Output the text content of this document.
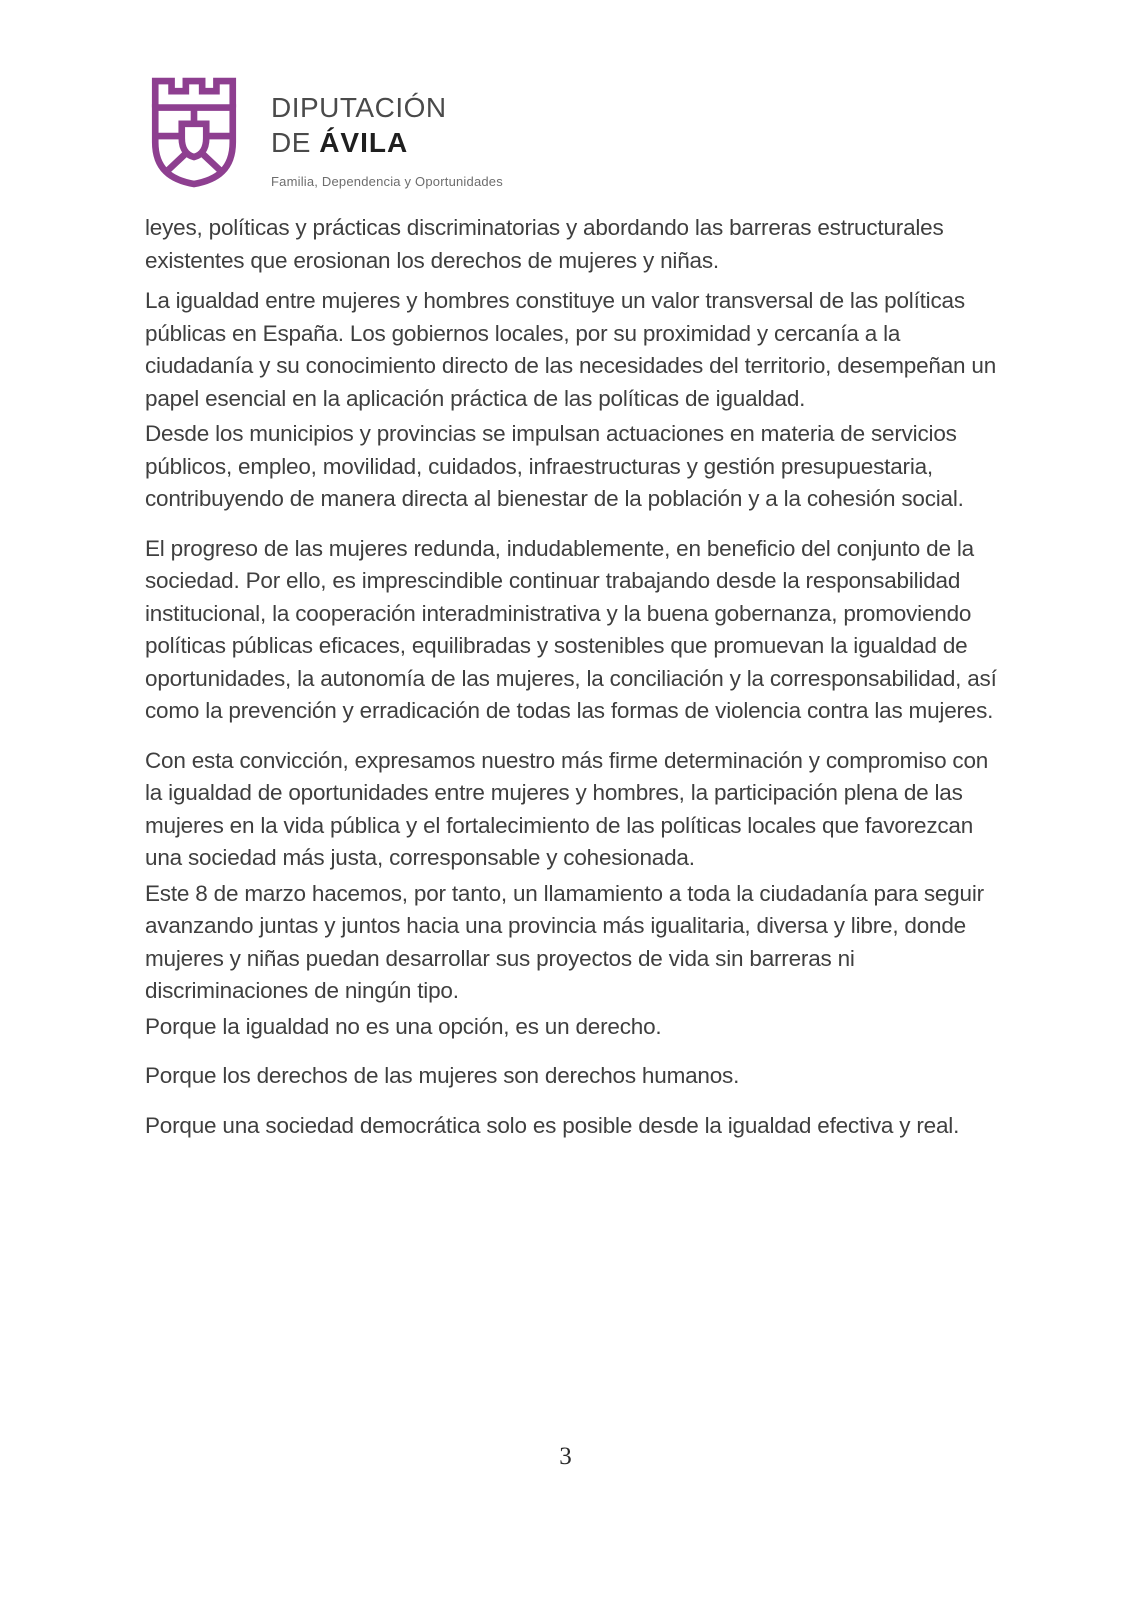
DIPUTACIÓN
DE ÁVILA
Familia, Dependencia y Oportunidades

leyes, políticas y prácticas discriminatorias y abordando las barreras estructurales existentes que erosionan los derechos de mujeres y niñas.

La igualdad entre mujeres y hombres constituye un valor transversal de las políticas públicas en España. Los gobiernos locales, por su proximidad y cercanía a la ciudadanía y su conocimiento directo de las necesidades del territorio, desempeñan un papel esencial en la aplicación práctica de las políticas de igualdad.

Desde los municipios y provincias se impulsan actuaciones en materia de servicios públicos, empleo, movilidad, cuidados, infraestructuras y gestión presupuestaria, contribuyendo de manera directa al bienestar de la población y a la cohesión social.

El progreso de las mujeres redunda, indudablemente, en beneficio del conjunto de la sociedad. Por ello, es imprescindible continuar trabajando desde la responsabilidad institucional, la cooperación interadministrativa y la buena gobernanza, promoviendo políticas públicas eficaces, equilibradas y sostenibles que promuevan la igualdad de oportunidades, la autonomía de las mujeres, la conciliación y la corresponsabilidad, así como la prevención y erradicación de todas las formas de violencia contra las mujeres.

Con esta convicción, expresamos nuestro más firme determinación y compromiso con la igualdad de oportunidades entre mujeres y hombres, la participación plena de las mujeres en la vida pública y el fortalecimiento de las políticas locales que favorezcan una sociedad más justa, corresponsable y cohesionada.

Este 8 de marzo hacemos, por tanto, un llamamiento a toda la ciudadanía para seguir avanzando juntas y juntos hacia una provincia más igualitaria, diversa y libre, donde mujeres y niñas puedan desarrollar sus proyectos de vida sin barreras ni discriminaciones de ningún tipo.

Porque la igualdad no es una opción, es un derecho.

Porque los derechos de las mujeres son derechos humanos.

Porque una sociedad democrática solo es posible desde la igualdad efectiva y real.

3
